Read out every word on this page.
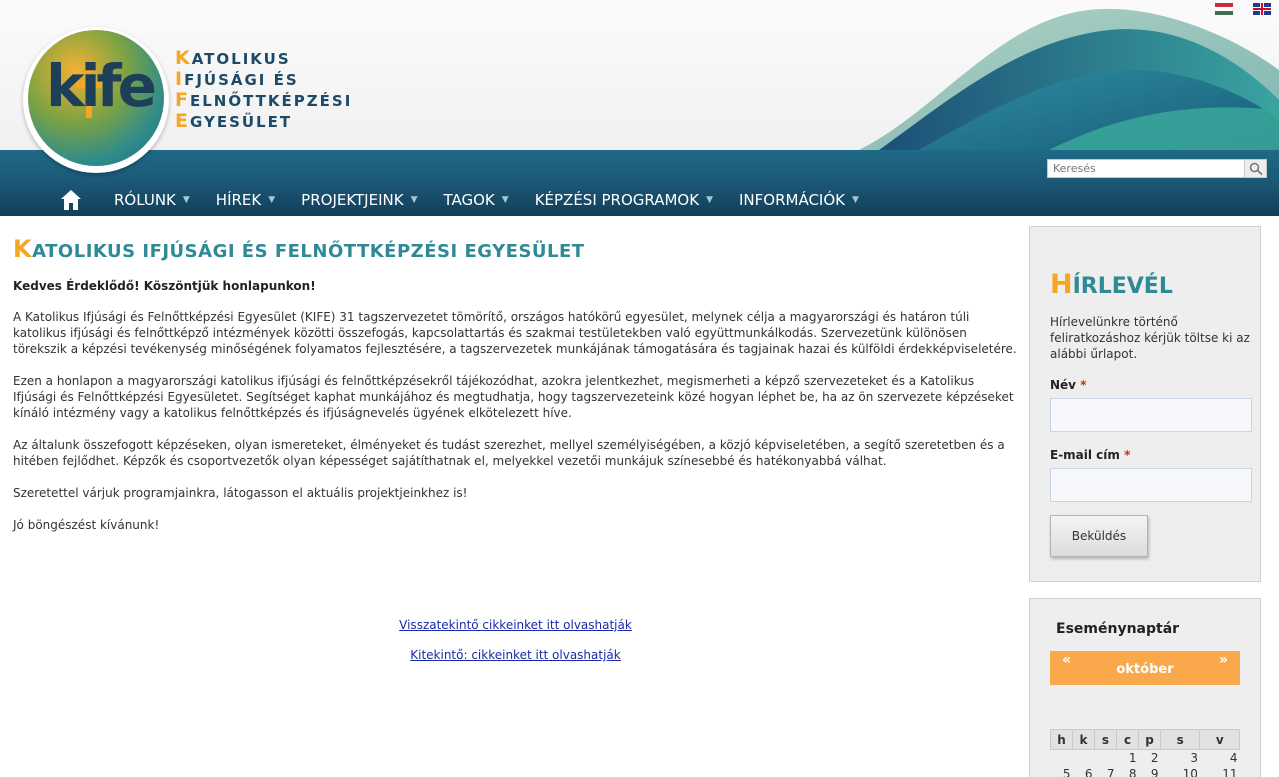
KATOLIKUS
IFJÚSÁGI ÉS
FELNŐTTKÉPZÉSI
EGYESÜLET
kife
Keresés
RÓLUNK ▼ HÍREK ▼ PROJEKTJEINK ▼ TAGOK ▼ KÉPZÉSI PROGRAMOK ▼ INFORMÁCIÓK ▼
KATOLIKUS IFJÚSÁGI ÉS FELNŐTTKÉPZÉSI EGYESÜLET

Kedves Érdeklődő! Köszöntjük honlapunkon!

A Katolikus Ifjúsági és Felnőttképzési Egyesület (KIFE) 31 tagszervezetet tömörítő, országos hatókörű egyesület, melynek célja a magyarországi és határon túli katolikus ifjúsági és felnőttképző intézmények közötti összefogás, kapcsolattartás és szakmai testületekben való együttmunkálkodás. Szervezetünk különösen törekszik a képzési tevékenység minőségének folyamatos fejlesztésére, a tagszervezetek munkájának támogatására és tagjainak hazai és külföldi érdekképviseletére.

Ezen a honlapon a magyarországi katolikus ifjúsági és felnőttképzésekről tájékozódhat, azokra jelentkezhet, megismerheti a képző szervezeteket és a Katolikus Ifjúsági és Felnőttképzési Egyesületet. Segítséget kaphat munkájához és megtudhatja, hogy tagszervezeteink közé hogyan léphet be, ha az ön szervezete képzéseket kínáló intézmény vagy a katolikus felnőttképzés és ifjúságnevelés ügyének elkötelezett híve.

Az általunk összefogott képzéseken, olyan ismereteket, élményeket és tudást szerezhet, mellyel személyiségében, a közjó képviseletében, a segítő szeretetben és a hitében fejlődhet. Képzők és csoportvezetők olyan képességet sajátíthatnak el, melyekkel vezetői munkájuk színesebbé és hatékonyabbá válhat.

Szeretettel várjuk programjainkra, látogasson el aktuális projektjeinkhez is!

Jó böngészést kívánunk!

Visszatekintő cikkeinket itt olvashatják
Kitekintő: cikkeinket itt olvashatják
HÍRLEVÉL

Hírlevelünkre történő feliratkozáshoz kérjük töltse ki az alábbi űrlapot.

Név *
E-mail cím *
Beküldés
Eseménynaptár
«
október
»
h	k	s	c	p	s	v
			1	2	3	4
5	6	7	8	9	10	11
